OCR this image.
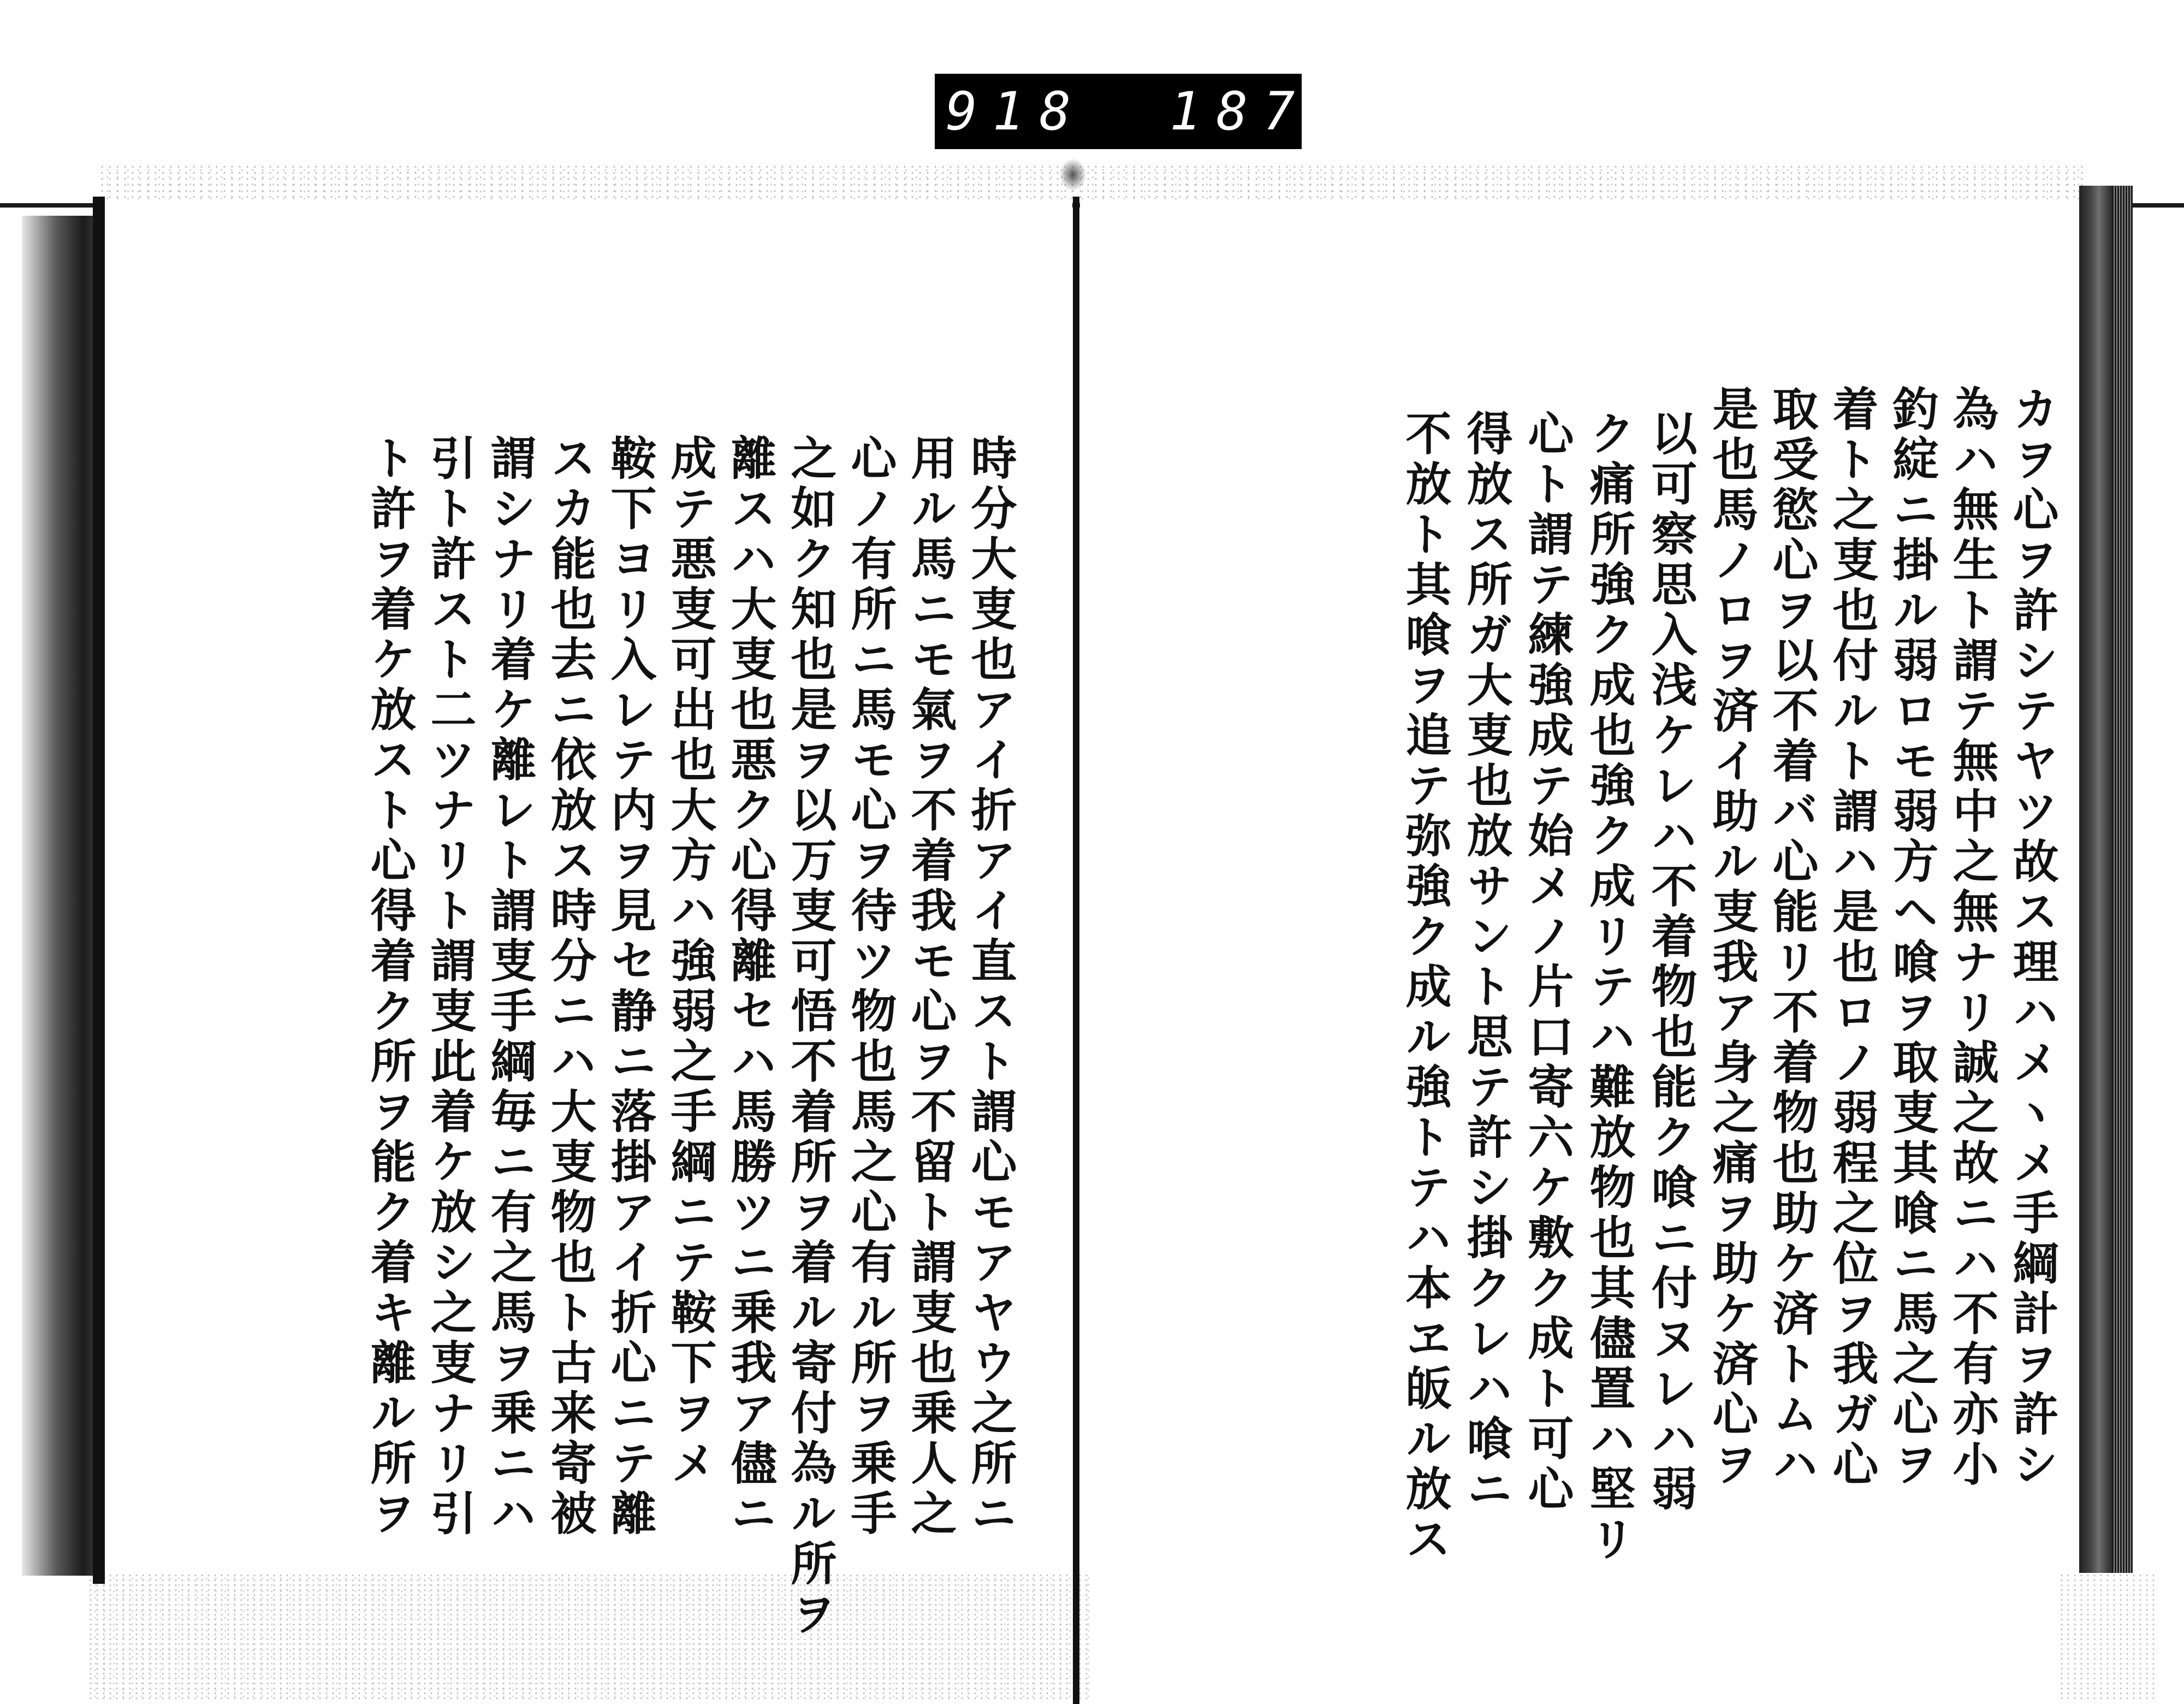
918 187.
カヲ心ヲ許シテヤツ故ス理ハメヽメ手綱計ヲ許シ
為ハ無生ト謂テ無中之無ナリ誠之故ニハ不有亦小
釣綻ニ掛ル弱ロモ弱方ヘ喰ヲ取叓其喰ニ馬之心ヲ
着ト之叓也付ルト謂ハ是也ロノ弱程之位ヲ我ガ心
取受慾心ヲ以不着バ心能リ不着物也助ケ済トムハ
是也馬ノロヲ済イ助ル叓我ア身之痛ヲ助ケ済心ヲ
以可察思入浅ケレハ不着物也能ク喰ニ付ヌレハ弱
ク痛所強ク成也強ク成リテハ難放物也其儘置ハ堅リ
心ト謂テ練強成テ始メノ片口寄六ケ敷ク成ト可心
得放ス所ガ大叓也放サント思テ許シ掛クレハ喰ニ
不放ト其喰ヲ追テ弥強ク成ル強トテハ本ヱ皈ル放ス
時分大叓也アイ折アイ直スト謂心モアヤウ之所ニ
用ル馬ニモ氣ヲ不着我モ心ヲ不留ト謂叓也乗人之
心ノ有所ニ馬モ心ヲ待ツ物也馬之心有ル所ヲ乗手
之如ク知也是ヲ以万叓可悟不着所ヲ着ル寄付為ル所ヲ
離スハ大叓也悪ク心得離セハ馬勝ツニ乗我ア儘ニ
成テ悪叓可出也大方ハ強弱之手綱ニテ鞍下ヲメ
鞍下ヨリ入レテ内ヲ見セ静ニ落掛アイ折心ニテ離
スカ能也去ニ依放ス時分ニハ大叓物也ト古来寄被
謂シナリ着ケ離レト謂叓手綱毎ニ有之馬ヲ乗ニハ
引ト許スト二ツナリト謂叓此着ケ放シ之叓ナリ引
ト許ヲ着ケ放スト心得着ク所ヲ能ク着キ離ル所ヲ
